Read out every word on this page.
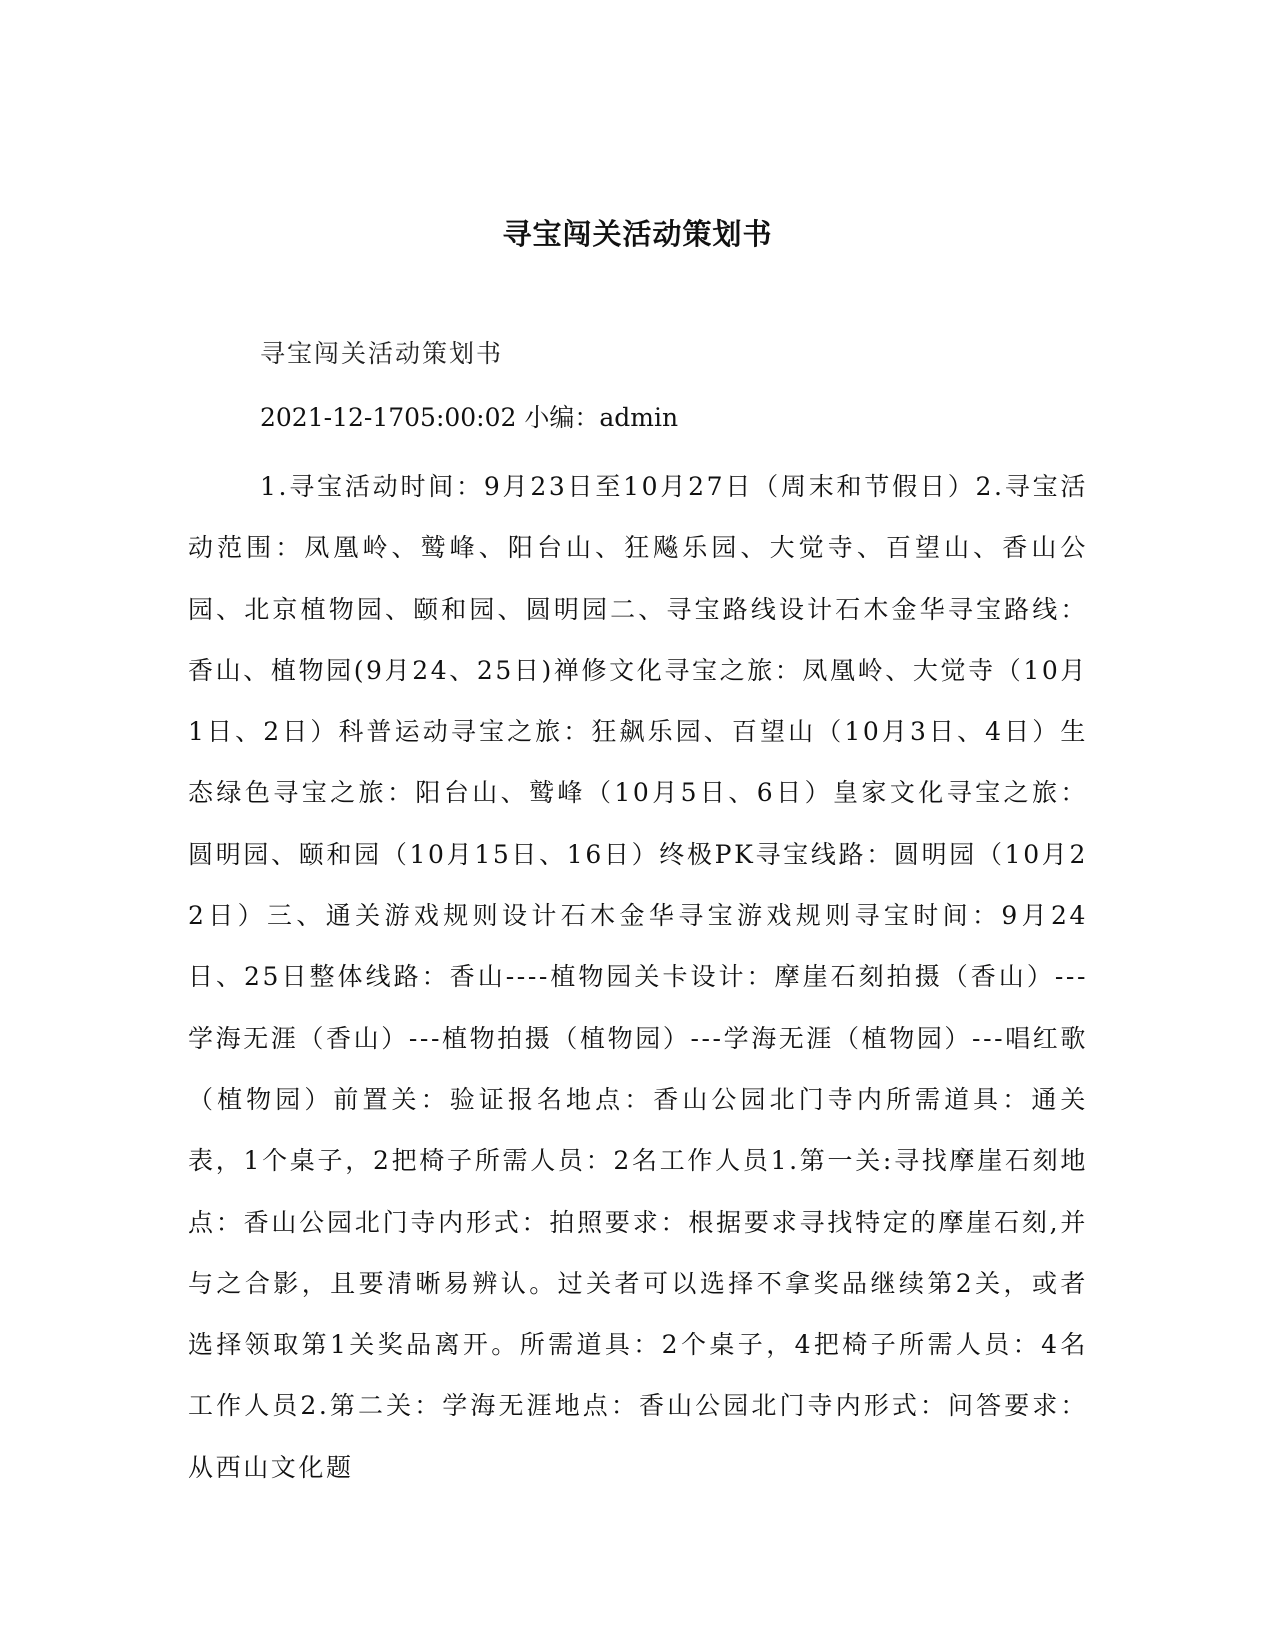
寻宝闯关活动策划书
寻宝闯关活动策划书
2021-12-1705:00:02 小编：admin

1.寻宝活动时间：9月23日至10月27日（周末和节假日）2.寻宝活动范围：凤凰岭、鹫峰、阳台山、狂飚乐园、大觉寺、百望山、香山公园、北京植物园、颐和园、圆明园二、寻宝路线设计石木金华寻宝路线：香山、植物园(9月24、25日)禅修文化寻宝之旅：凤凰岭、大觉寺（10月1日、2日）科普运动寻宝之旅：狂飙乐园、百望山（10月3日、4日）生态绿色寻宝之旅：阳台山、鹫峰（10月5日、6日）皇家文化寻宝之旅：圆明园、颐和园（10月15日、16日）终极PK寻宝线路：圆明园（10月22日）三、通关游戏规则设计石木金华寻宝游戏规则寻宝时间：9月24日、25日整体线路：香山----植物园关卡设计：摩崖石刻拍摄（香山）---学海无涯（香山）---植物拍摄（植物园）---学海无涯（植物园）---唱红歌（植物园）前置关：验证报名地点：香山公园北门寺内所需道具：通关表，1个桌子，2把椅子所需人员：2名工作人员1.第一关:寻找摩崖石刻地点：香山公园北门寺内形式：拍照要求：根据要求寻找特定的摩崖石刻,并与之合影，且要清晰易辨认。过关者可以选择不拿奖品继续第2关，或者选择领取第1关奖品离开。所需道具：2个桌子，4把椅子所需人员：4名工作人员2.第二关：学海无涯地点：香山公园北门寺内形式：问答要求：从西山文化题
